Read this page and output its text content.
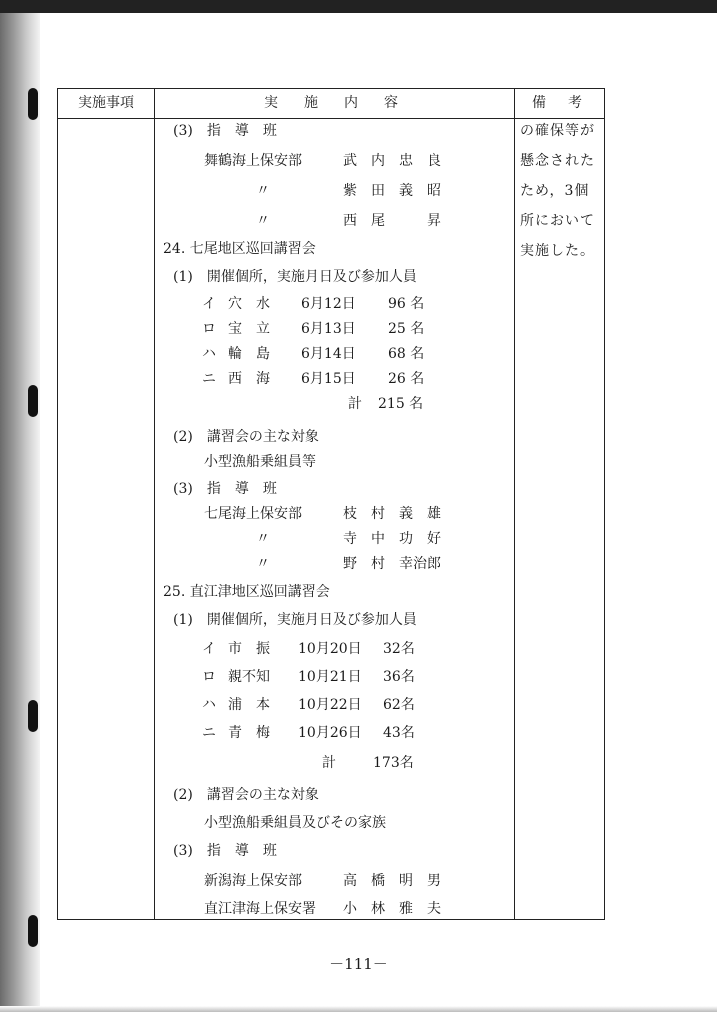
実施事項	実　施　内　容	備　考
の確保等が
懸念された
ため，3個
所において
実施した。
(3)　指　導　班
舞鶴海上保安部	武　内　忠　良
〃	紫　田　義　昭
〃	西　尾　　　昇
24. 七尾地区巡回講習会
(1)　開催個所，実施月日及び参加人員
イ 穴　水 6月12日 96 名
ロ 宝　立 6月13日 25 名
ハ 輪　島 6月14日 68 名
ニ 西　海 6月15日 26 名
計 215 名
(2)　講習会の主な対象
小型漁船乗組員等
(3)　指　導　班
七尾海上保安部	枝　村　義　雄
〃	寺　中　功　好
〃	野　村　幸治郎
25. 直江津地区巡回講習会
(1)　開催個所，実施月日及び参加人員
イ 市　振 10月20日 32名
ロ 親不知 10月21日 36名
ハ 浦　本 10月22日 62名
ニ 青　梅 10月26日 43名
計	173名
(2)　講習会の主な対象
小型漁船乗組員及びその家族
(3)　指　導　班
新潟海上保安部	高　橋　明　男
直江津海上保安署 小　林　雅　夫
－111－
